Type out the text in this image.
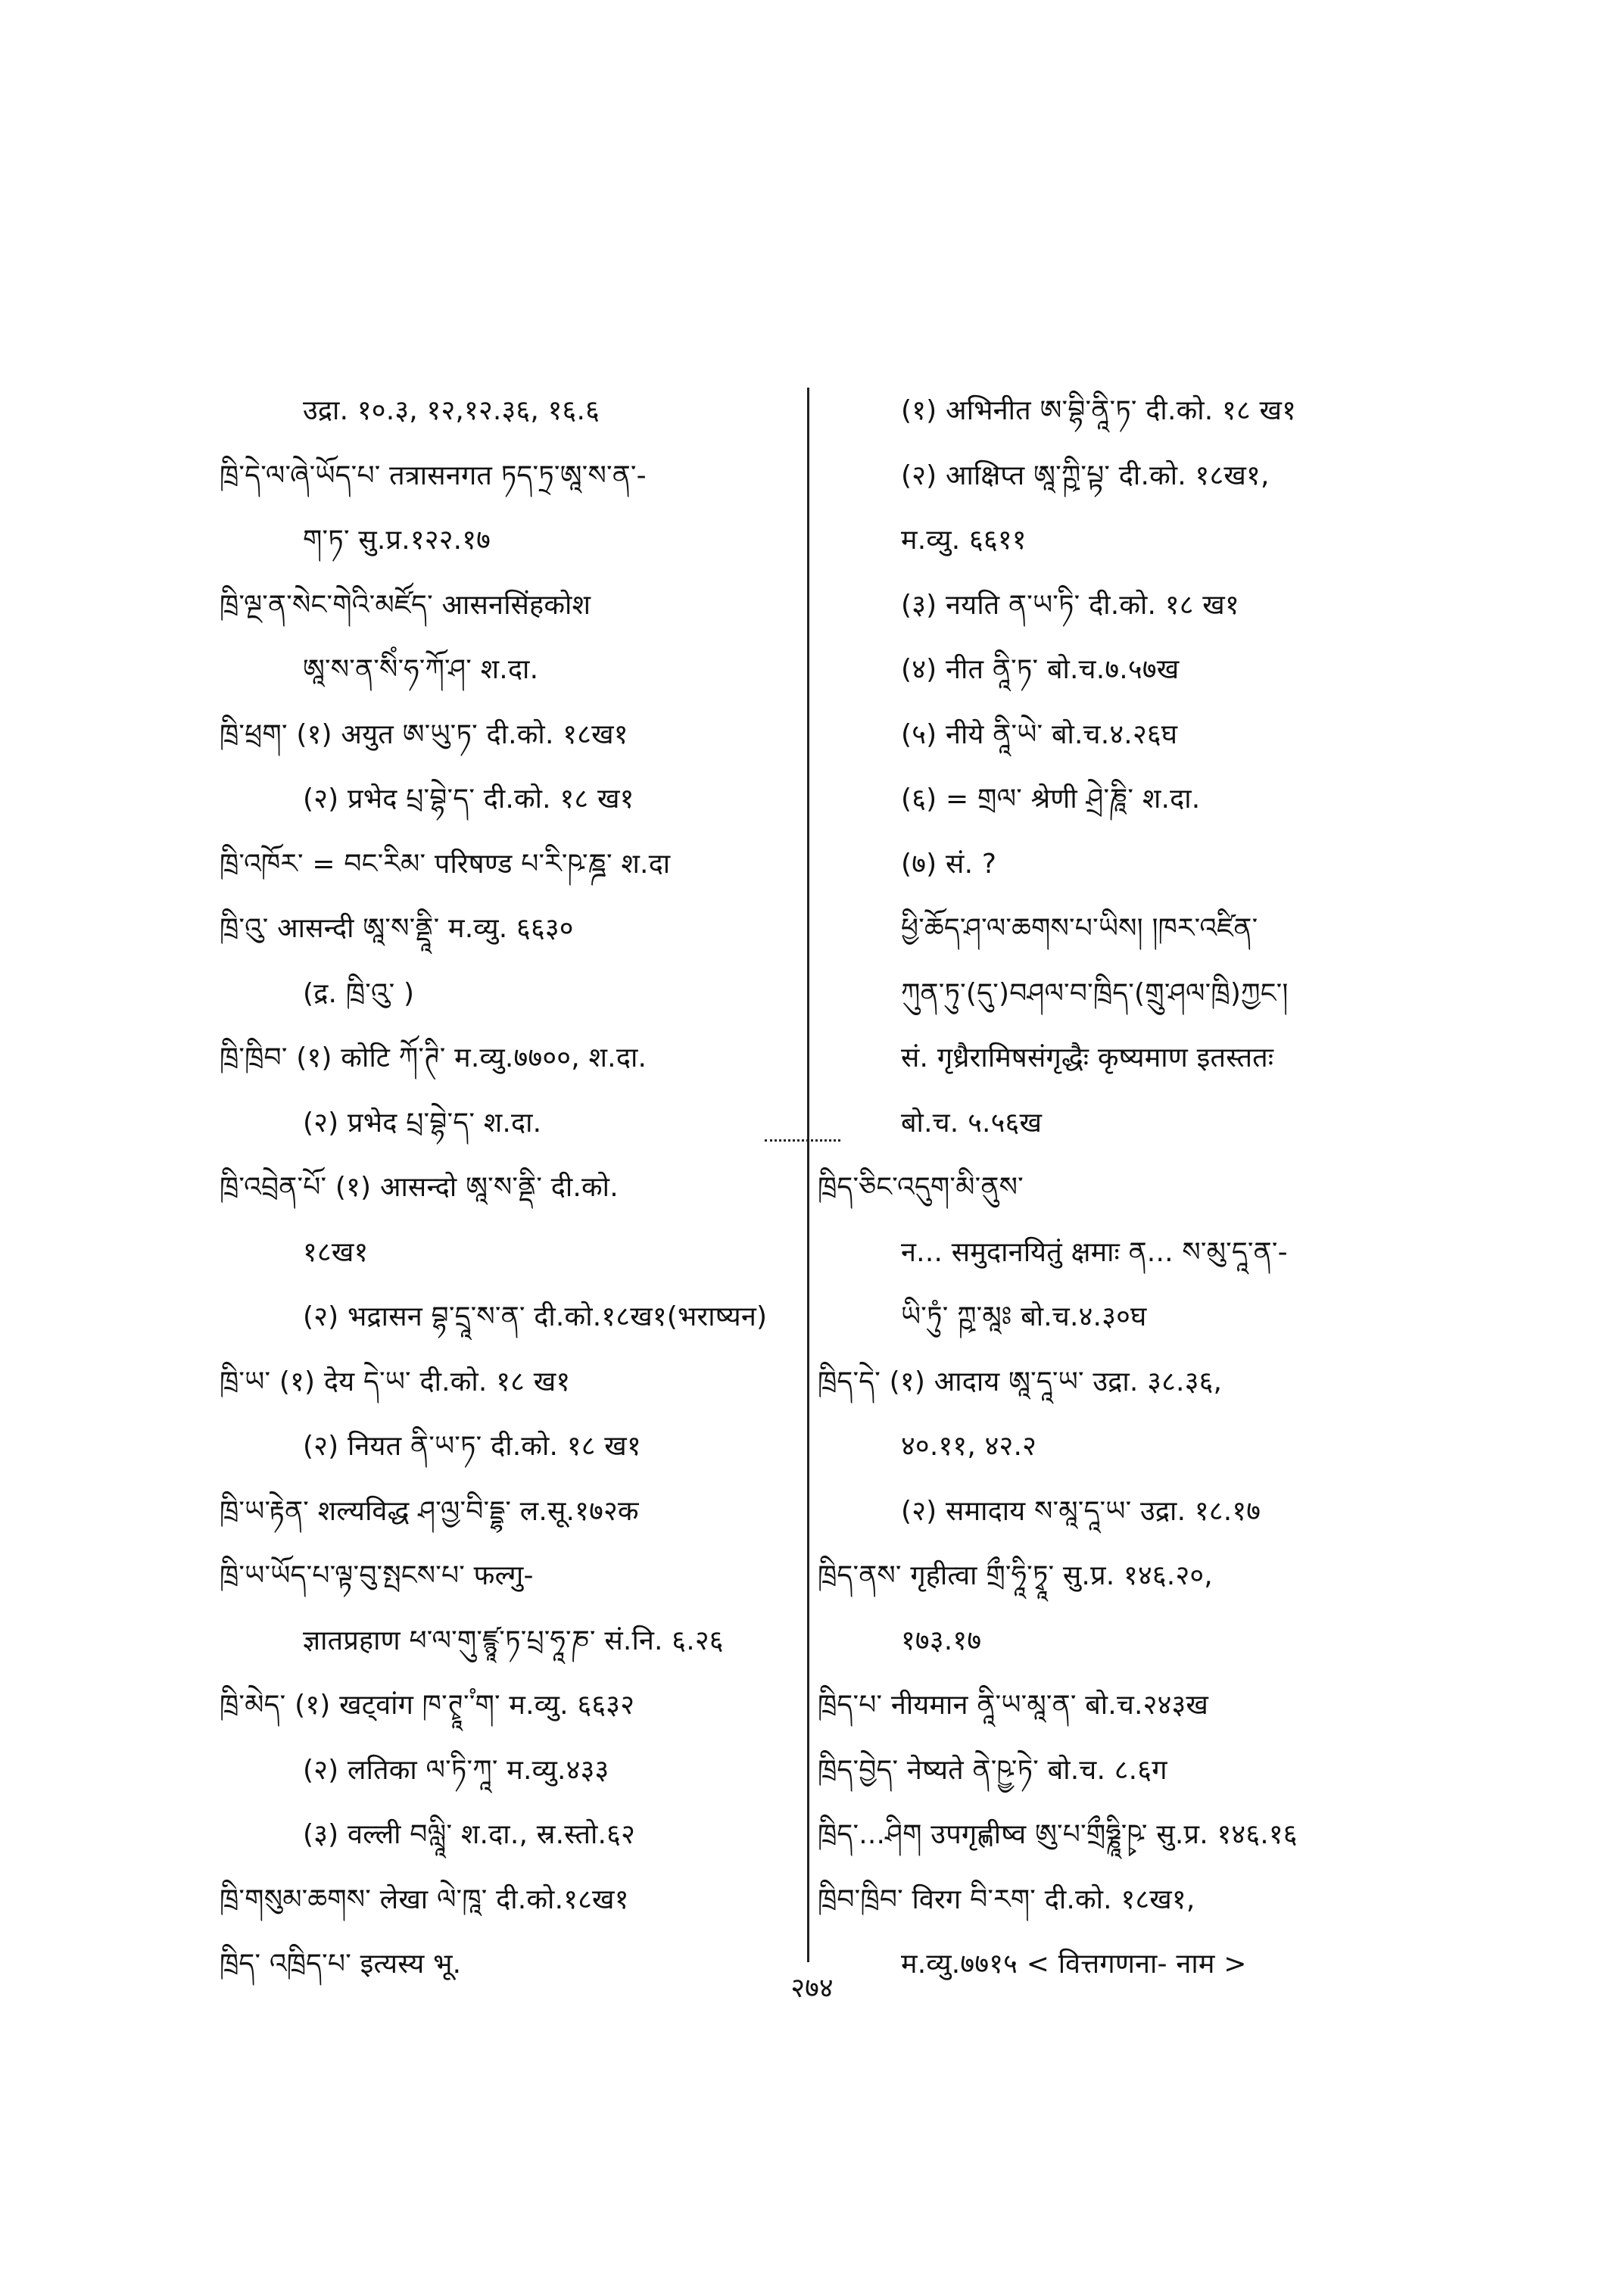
उद्रा. १०.३, १२,१२.३६, १६.६
ཁྲི་དེ་ལ་ཞེ་ཡོད་པ་ तत्रासनगत ཏད་ཏྲ་ཨཱ་ས་ན་-
ག་ཏ་ सु.प्र.१२२.१७
ཁྲི་ལྔ་ན་སེང་གེའི་མཛོད་ आसनसिंहकोश
ཨཱ་ས་ན་སིཾ་ཧ་ཀོ་ཤ་ श.दा.
ཁྲི་ཕྲག་ (१) अयुत ཨ་ཡུ་ཏ་ दी.को. १८ख१
(२) प्रभेद པྲ་བྷེ་ད་ दी.को. १८ ख१
ཁྲི་འཁོར་ = བང་རིམ་ परिषण्ड པ་རི་ཥ་ཎྜ་ श.दा
ཁྲི་འུ་ आसन्दी ཨཱ་ས་ནྡཱི་ म.व्यु. ६६३०
(द्र. ཁྲི་འུ་ )
ཁྲི་ཁྲིབ་ (१) कोटि ཀོ་ཊི་ म.व्यु.७७००, श.दा.
(२) प्रभेद པྲ་བྷེ་ད་ श.दा.
ཁྲི་འབྲེན་པོ་ (१) आसन्दो ཨཱ་ས་ནྡི་ दी.को.
१८ख१
(२) भद्रासन བྷ་དྲཱ་ས་ན་ दी.को.१८ख१(भराष्यन)
ཁྲི་ཡ་ (१) देय དེ་ཡ་ दी.को. १८ ख१
(२) नियत ནི་ཡ་ཏ་ दी.को. १८ ख१
ཁྲི་ཡ་རྟེན་ शल्यविद्ध ཤ་ལྱ་བི་དྡྷ་ ल.सू.१७२क
ཁྲི་ཡ་ཡོད་པ་ལྟ་བུ་སྤངས་པ་ फल्गु-
ज्ञातप्रहाण ཕ་ལ་གུ་ཛྙཱ་ཏ་པྲ་ཧཱ་ཎ་ सं.नि. ६.२६
ཁྲི་མེད་ (१) खट्वांग ཁ་ཊྭཱ་ཾ་ག་ म.व्यु. ६६३२
(२) लतिका ལ་ཏི་ཀཱ་ म.व्यु.४३३
(३) वल्ली བལླཱི་ श.दा., स्र.स्तो.६२
ཁྲི་གསུམ་ཆགས་ लेखा ལེ་ཁཱ་ दी.को.१८ख१
ཁྲིད་ འཁྲིད་པ་ इत्यस्य भू.
(१) अभिनीत ཨ་བྷི་ནཱི་ཏ་ दी.को. १८ ख१
(२) आक्षिप्त ཨཱ་ཀྵི་པྟ་ दी.को. १८ख१,
म.व्यु. ६६११
(३) नयति ན་ཡ་ཏི་ दी.को. १८ ख१
(४) नीत ནཱི་ཏ་ बो.च.७.५७ख
(५) नीये ནཱི་ཡེ་ बो.च.४.२६घ
(६) = གྲལ་ श्रेणी ཤྲེ་ཎཱི་ श.दा.
(७) सं. ?
ཕྱི་ཆོད་ཤ་ལ་ཆགས་པ་ཡིས། །ཁར་འཛིན་
ཀུན་ཏུ་(དུ་)བཤལ་བ་ཁྲིད་(གྲུ་ཤལ་ཁྲི)ཀྱང་།
सं. गृध्रैरामिषसंगृद्धैः कृष्यमाण इतस्ततः
बो.च. ५.५६ख
ཁྲིད་ཅིང་འདུག་མི་ནུས་
न... समुदानयितुं क्षमाः ན... ས་མུ་དཱ་ན་-
ཡི་ཏུཾ་ ཀྵ་མཱཿ बो.च.४.३०घ
ཁྲིད་དེ་ (१) आदाय ཨཱ་དཱ་ཡ་ उद्रा. ३८.३६,
४०.११, ४२.२
(२) समादाय ས་མཱ་དཱ་ཡ་ उद्रा. १८.१७
ཁྲིད་ནས་ गृहीत्वा གྲྀ་ཧཱི་ཏྭཱ་ सु.प्र. १४६.२०,
१७३.१७
ཁྲིད་པ་ नीयमान ནཱི་ཡ་མཱ་ན་ बो.च.२४३ख
ཁྲིད་བྱེད་ नेष्यते ནེ་ཥྱ་ཏེ་ बो.च. ८.६ग
ཁྲིད་...ཤིག उपगृह्णीष्व ཨུ་པ་གྲྀཧྞཱི་ཥྭ་ सु.प्र. १४६.१६
ཁྲིབ་ཁྲིབ་ विरग བི་རག་ दी.को. १८ख१,
म.व्यु.७७१५ < वित्तगणना- नाम >
२७४
